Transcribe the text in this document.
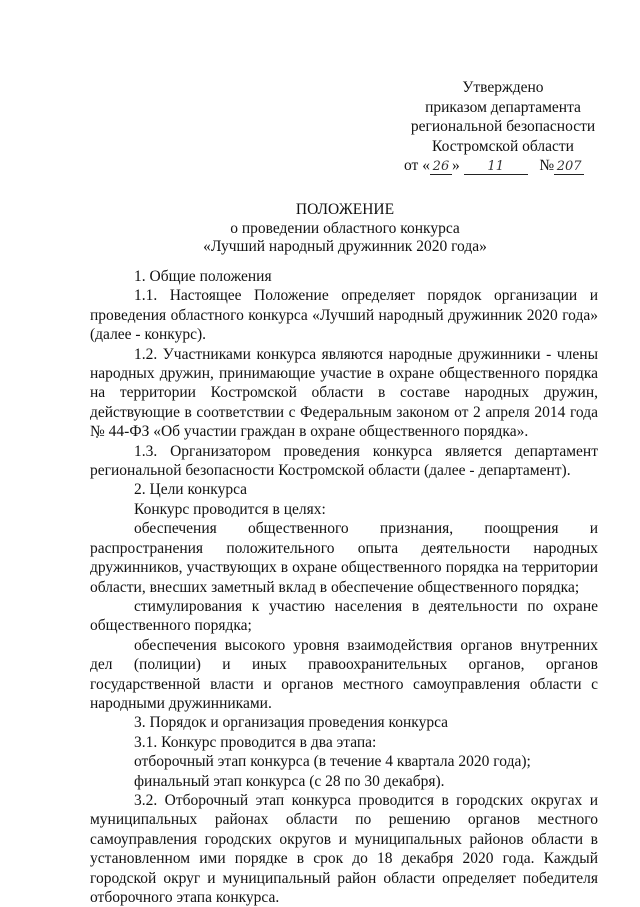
Утверждено
приказом департамента
региональной безопасности
Костромской области
от « 26 » 11 № 207
ПОЛОЖЕНИЕ
о проведении областного конкурса
«Лучший народный дружинник 2020 года»

1. Общие положения

1.1. Настоящее Положение определяет порядок организации и проведения областного конкурса «Лучший народный дружинник 2020 года» (далее - конкурс).

1.2. Участниками конкурса являются народные дружинники - члены народных дружин, принимающие участие в охране общественного порядка на территории Костромской области в составе народных дружин, действующие в соответствии с Федеральным законом от 2 апреля 2014 года № 44-ФЗ «Об участии граждан в охране общественного порядка».

1.3. Организатором проведения конкурса является департамент региональной безопасности Костромской области (далее - департамент).

2. Цели конкурса

Конкурс проводится в целях:

обеспечения общественного признания, поощрения и распространения положительного опыта деятельности народных дружинников, участвующих в охране общественного порядка на территории области, внесших заметный вклад в обеспечение общественного порядка;

стимулирования к участию населения в деятельности по охране общественного порядка;

обеспечения высокого уровня взаимодействия органов внутренних дел (полиции) и иных правоохранительных органов, органов государственной власти и органов местного самоуправления области с народными дружинниками.

3. Порядок и организация проведения конкурса

3.1. Конкурс проводится в два этапа:

отборочный этап конкурса (в течение 4 квартала 2020 года);

финальный этап конкурса (с 28 по 30 декабря).

3.2. Отборочный этап конкурса проводится в городских округах и муниципальных районах области по решению органов местного самоуправления городских округов и муниципальных районов области в установленном ими порядке в срок до 18 декабря 2020 года. Каждый городской округ и муниципальный район области определяет победителя отборочного этапа конкурса.
